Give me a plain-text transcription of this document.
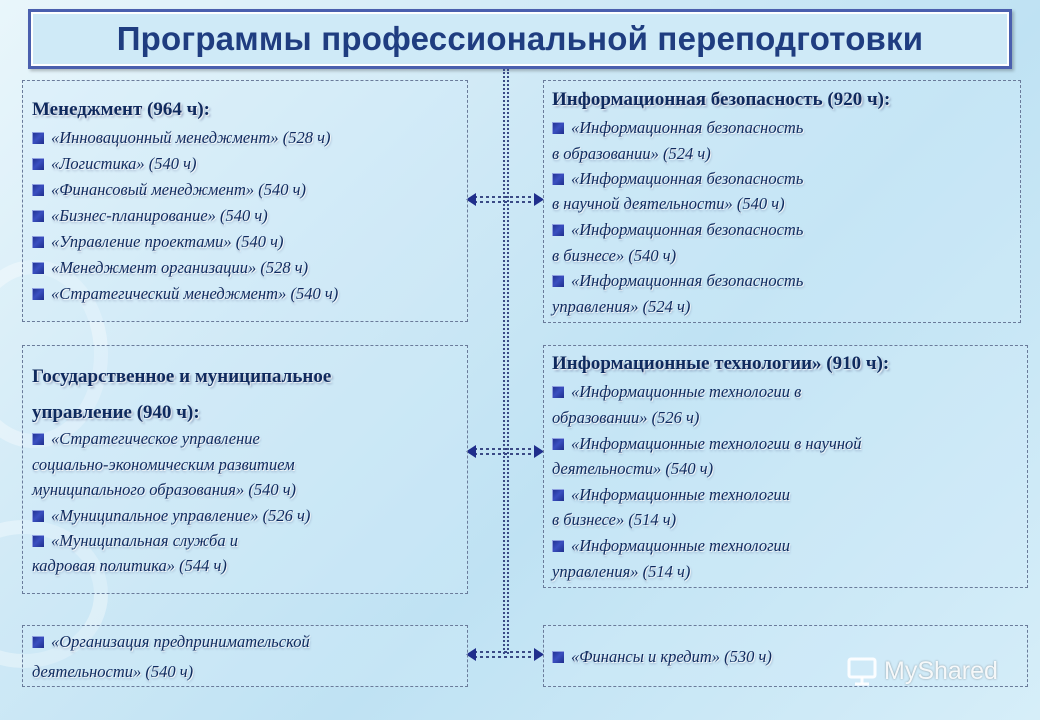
Программы профессиональной переподготовки
Менеджмент (964 ч):
«Инновационный менеджмент» (528 ч)
«Логистика» (540 ч)
«Финансовый менеджмент» (540 ч)
«Бизнес-планирование» (540 ч)
«Управление проектами» (540 ч)
«Менеджмент организации» (528 ч)
«Стратегический менеджмент» (540 ч)
Государственное и муниципальное
управление (940 ч):
«Стратегическое управление
социально-экономическим развитием
муниципального образования» (540 ч)
«Муниципальное управление» (526 ч)
«Муниципальная служба и
кадровая политика» (544 ч)
«Организация предпринимательской
деятельности» (540 ч)
Информационная безопасность (920 ч):
«Информационная безопасность
в образовании» (524 ч)
«Информационная безопасность
в научной деятельности» (540 ч)
«Информационная безопасность
в бизнесе» (540 ч)
«Информационная безопасность
управления» (524 ч)
Информационные технологии» (910 ч):
«Информационные технологии в
образовании» (526 ч)
«Информационные технологии в научной
деятельности» (540 ч)
«Информационные технологии
в бизнесе» (514 ч)
«Информационные технологии
управления» (514 ч)
«Финансы и кредит» (530 ч)	MyShared
